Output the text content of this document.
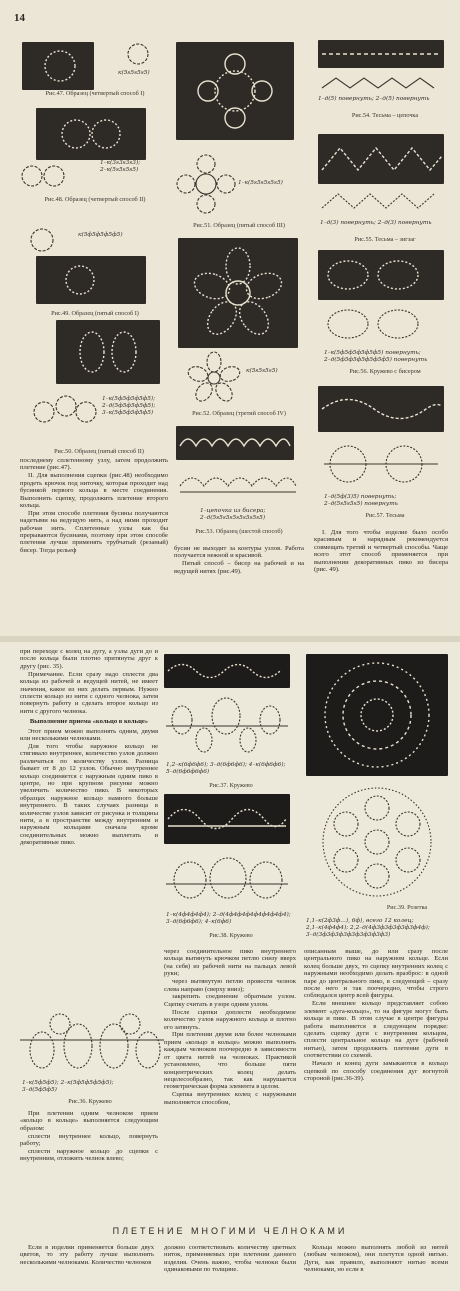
14
к(5s5s5s5)
Рис.47. Образец (четвертый способ I)
1–к(3s3s3s3);
2–к(5s5s5s5)
Рис.48. Образец (четвертый способ II)
к(5ф5ф5ф5ф5)
Рис.49. Образец (пятый способ I)
1–к(5ф5ф5ф5ф5);
2–д(5ф5ф5ф5ф5);
3–к(5ф5ф5ф5ф5)
Рис.50. Образец (пятый способ II)

последнему сплетенному узлу, затем продолжить плетение (рис.47).

II. Для выполнения сцепки (рис.48) необходимо продеть крючок под ниточку, которая проходит над бусинкой первого кольца в месте соединения. Выполнить сцепку, продолжить плетение второго кольца.

При этом способе плетения бусины получаются надетыми на ведущую нить, а над ними проходит рабочая нить. Сплетенные узлы как бы прерываются бусинами, поэтому при этом способе плетения лучше применять трубчатый (резаный) бисер. Тогда рельеф

1–к(5s5s5s5s5)
Рис.51. Образец (пятый способ III)
к(5s5s5s5)
Рис.52. Образец (третий способ IV)
1–цепочка из бисера;
2–д(5s5s5s5s5s5s5s5)
Рис.53. Образец (шестой способ)

бусин не выходит за контуры узлов. Работа получается нежной и красивой.

Пятый способ – бисер на рабочей и на ведущей нитях (рис.49).

1–д(5) повернуть; 2–д(5) повернуть
Рис.54. Тесьма – цепочка
1–д(3) повернуть; 2–д(3) повернуть
Рис.55. Тесьма – зигзаг
1–к(5ф5ф5ф5ф5ф5) повернуть;
2–д(5ф5ф5ф5ф5ф5ф5) повернуть
Рис.56. Кружево с бисером
1–д(5ф(3)5) повернуть;
2–д(5s5s5s5) повернуть
Рис.57. Тесьма

I. Для того чтобы изделие было особо красивым и нарядным рекомендуется совмещать третий и четвертый способы. Чаще всего этот способ применяется при выполнении декоративных пико из бисера (рис. 49).

при переходе с колец на дугу, а узлы дуги до и после кольца были плотно притянуты друг к другу (рис. 35).

Примечание. Если сразу надо сплести два кольца из рабочей и ведущей нитей, не имеет значения, какое из них делать первым. Нужно сплести кольцо из нити с одного челнока, затем повернуть работу и сделать второе кольцо из нити с другого челнока.

Выполнение приема «кольцо в кольце»

Этот прием можно выполнять одним, двумя или несколькими челноками.

Для того чтобы наружное кольцо не стягивало внутреннее, количество узлов должно различаться по количеству узлов. Разница бывает от 8 до 12 узлов. Обычно внутреннее кольцо соединяется с наружным одним пико в центре, но при крупном рисунке можно увеличить количество пико. В некоторых образцах наружное кольцо намного больше внутреннего. В таких случаях разница в количестве узлов зависит от рисунка и толщины нити, а в пространстве между внутренним и наружным кольцами сначала кроме соединительных можно выплетать и декоративные пико.

1–к(5ф5ф5); 2–к(5ф5ф5ф5ф5);
3–д(5ф5ф5)
Рис.36. Кружево

При плетении одним челноком прием «кольцо в кольце» выполняется следующим образом:

сплести внутреннее кольцо, повернуть работу;

сплести наружное кольцо до сцепки с внутренним, отложить челнок влево;

1,2–к(6ф6ф6); 3–д(6ф6ф6); 4–к(6ф6ф6);
5–д(6ф6ф6ф6)
Рис.37. Кружево
1–к(4ф4ф4ф4); 2–д(4ф4ф4ф4ф4ф4ф4ф4);
3–д(6ф6ф6); 4–к(6ф6)
Рис.38. Кружево

через соединительное пико внутреннего кольца вытянуть крючком петлю снизу вверх (на себя) из рабочей нити на пальцах левой руки;

через вытянутую петлю провести челнок слева направо (сверху вниз);

закрепить соединение обратным узлом. Сцепку считать в узоре одним узлом.

После сцепки доплести необходимое количество узлов наружного кольца и плотно его затянуть.

При плетении двумя или более челноками прием «кольцо в кольце» можно выполнять каждым челноком поочередно в зависимости от цвета нитей на челноках. Практикой установлено, что больше пяти концентрических колец делать нецелесообразно, так как нарушается геометрическая форма элемента в целом.

Сцепка внутренних колец с наружными выполняется способом,

Рис.39. Розетка
1,1–к(2ф3ф...), 6ф), всего 12 колец;
2,1–к(4ф4ф4); 2,2–д(4ф3ф3ф3ф3ф3ф4ф);
3–д(3ф3ф3ф3ф3ф3ф3ф3ф3)

описанным выше, до или сразу после центрального пико на наружном кольце. Если колец больше двух, то сцепку внутренних колец с наружными необходимо делать вразброс: в одной паре до центрального пико, в следующей – сразу после него и так поочередно, чтобы строго соблюдался центр всей фигуры.

Если внешнее кольцо представляет собою элемент «дуга-кольцо», то на фигуре могут быть кольца и пико. В этом случае в центре фигуры работа выполняется в следующем порядке: сделать сцепку дуги с внутренним кольцом, сплести центральное кольцо на дуге (рабочей нитью), затем продолжить плетение дуги в соответствии со схемой.

Начало и конец дуги замыкаются в кольцо сцепкой по способу соединения дуг вогнутой стороной (рис.36-39).

ПЛЕТЕНИЕ МНОГИМИ ЧЕЛНОКАМИ

Если в изделии применяется больше двух цветов, то эту работу лучше выполнять несколькими челноками. Количество челноков

должно соответствовать количеству цветных ниток, применяемых при плетении данного изделия. Очень важно, чтобы челноки были одинаковыми по толщине.

Кольца можно выполнять любой из нитей (любым челноком), они плетутся одной нитью. Дуги, как правило, выполняют нитью всеми челноками, но если в
